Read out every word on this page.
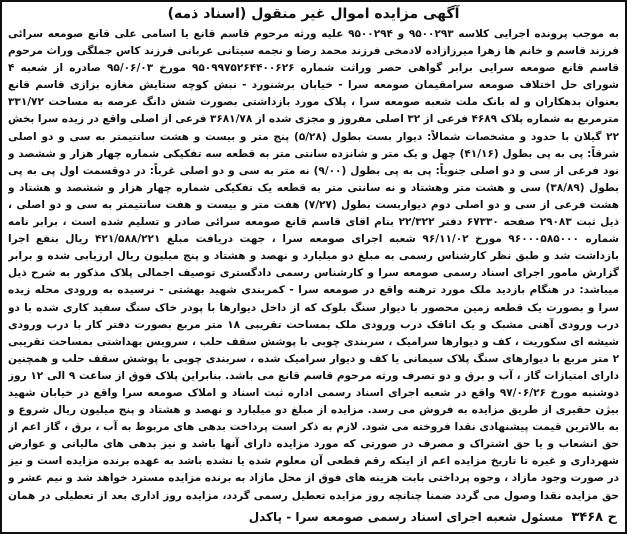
آگهی مزایده اموال غیر منقول (اسناد ذمه)
به موجب پرونده اجرایی کلاسه ۹۵۰۰۲۹۳ و ۹۵۰۰۲۹۴ علیه ورثه مرحوم قاسم قانع یا اسامی علی قانع صومعه سرائی فرزند قاسم و خانم ها زهرا میرزازاده لادمخی فرزند محمد رضا و نجمه سیتانی عربانی فرزند کاس جملگی وراث مرحوم قاسم قانع صومعه سرایی برابر گواهی حصر وراثت شماره ۹۵۰۹۹۷۵۲۶۴۴۰۰۶۲۶ مورخ ۹۵/۰۶/۰۳ صادره از شعبه ۴ شورای حل اختلاف صومعه سرامقیمان صومعه سرا - خیابان برشنورد - نبش کوچه ستایش مغازه بزازی قاسم قانع بعنوان بدهکاران و له بانک ملت شعبه صومعه سرا ، پلاک مورد بازداشتی بصورت شش دانگ عرصه به مساحت ۳۳۱/۷۲ مترمربع به شماره پلاک ۴۶۸۹ فرعی از ۳۲ اصلی مفروز و مجزی شده از ۳۶۸۱/۷۸ فرعی از اصلی واقع در زیده سرا بخش ۲۲ گیلان با حدود و مشخصات شمالاً: دیوار بست بطول (۵/۲۸) پنج متر و بیست و هشت سانتیمتر به سی و دو اصلی شرقاً: پی به پی بطول (۴۱/۱۶) چهل و یک متر و شانزده سانتی متر به قطعه سه تفکیکی شماره چهار هزار و ششصد و نود فرعی از سی و دو اصلی جنوباً: پی به پی بطول (۹/۰۰) نه متر به سی و دو اصلی غرباً: در دوقسمت اول پی به پی بطول (۳۸/۸۹) سی و هشت متر وهشتاد و نه سانتی متر به قطعه یک تفکیکی شماره چهار هزار و ششصد و هشتاد و هشت فرعی از سی و دو اصلی دوم دیواربست بطول (۷/۲۷) هفت متر و بیست و هفت سانتیمتر به سی و دو اصلی ، ذیل ثبت ۲۹۰۸۳ صفحه ۶۷۳۳۰ دفتر ۲۲/۳۲۲ بنام اقای قاسم قانع صومعه سرائی صادر و تسلیم شده است ، برابر نامه شماره ۹۶۰۰۰۵۸۵۰۰۰ مورخ ۹۶/۱۱/۰۲ شعبه اجرای صومعه سرا ، جهت دریافت مبلغ ۴۲۱/۵۸۸/۲۲۱ ریال بنفع اجرا بازداشت شد و طبق نظر کارشناس رسمی به مبلغ دو میلیارد و نهصد و هشتاد و پنج میلیون ریال ارزیابی شده و برابر گزارش مامور اجرای اسناد رسمی صومعه سرا و کارشناس رسمی دادگستری توصیف اجمالی پلاک مذکور به شرح ذیل میباشد: در هنگام بازدید ملک مورد ترهنه واقع در صومعه سرا - کمربندی شهید بهشتی - نرسیده به ورودی محله زیده سرا و بصورت یک قطعه زمین محصور با دیوار سنگ بلوک که از داخل دیوارها با پودر خاک سنگ سفید کاری شده با دو درب ورودی آهنی مشبک و یک اتاقک درب ورودی ملک بمساحت تقریبی ۱۸ متر مربع بصورت دفتر کار با درب ورودی شیشه ای سکوریت ، کف و دیوارها سرامیک ، سربندی چوبی با پوشش سقف حلب ، سرویس بهداشتی بمساحت تقریبی ۲ متر مربع با دیوارهای سنگ پلاک سیمانی یا کف و دیوار سرامیک شده ، سربندی چوبی با پوشش سقف حلب و همچنین دارای امتیازات گاز ، آب و برق و دو تصرف ورثه مرحوم قاسم قانع می باشد. بنابراین پلاک فوق از ساعت ۹ الی ۱۲ روز دوشنبه مورخ ۹۷/۰۶/۲۶ واقع در شعبه اجرای اسناد رسمی اداره ثبت اسناد و املاک صومعه سرا واقع در خیابان شهید بیژن حقیری از طریق مزایده به فروش می رسد. مزایده از مبلغ دو میلیارد و نهصد و هشتاد و پنج میلیون ریال شروع و به بالاترین قیمت پیشنهادی نقدا فروخته می شود. لازم به ذکر است پرداخت بدهی های مربوط به آب ، برق ، گاز اعم از حق انشعاب و یا حق اشتراک و مصرف در صورتی که مورد مزایده دارای آنها باشد و نیز بدهی های مالیاتی و عوارض شهرداری و غیره تا تاریخ مزایده اعم از اینکه رقم قطعی آن معلوم شده یا نشده باشد به عهده برنده مزایده است و نیز در صورت وجود مازاد ، وجوه پرداختی بابت هزینه های فوق از محل مازاد به برنده مزایده مسترد خواهد شد و نیم عشر و حق مزایده نقدا وصول می گردد ضمنا چنانچه روز مزایده تعطیل رسمی گردد، مزایده روز اداری بعد از تعطیلی در همان
ح ۳۴۶۸
مسئول شعبه اجرای اسناد رسمی صومعه سرا - پاکدل
